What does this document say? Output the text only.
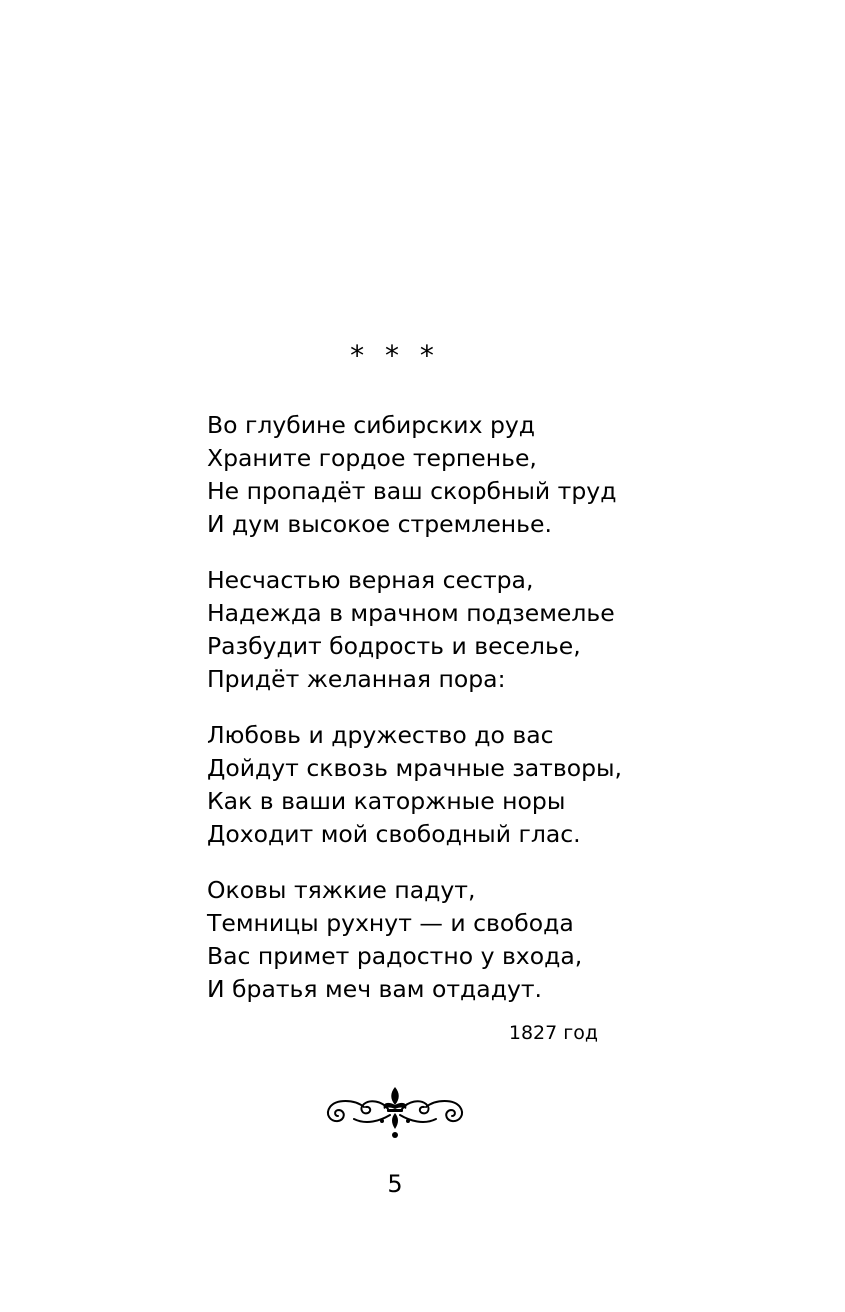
* * *
Во глубине сибирских руд
Храните гордое терпенье,
Не пропадёт ваш скорбный труд
И дум высокое стремленье.
Несчастью верная сестра,
Надежда в мрачном подземелье
Разбудит бодрость и веселье,
Придёт желанная пора:
Любовь и дружество до вас
Дойдут сквозь мрачные затворы,
Как в ваши каторжные норы
Доходит мой свободный глас.
Оковы тяжкие падут,
Темницы рухнут — и свобода
Вас примет радостно у входа,
И братья меч вам отдадут.
1827 год
5
